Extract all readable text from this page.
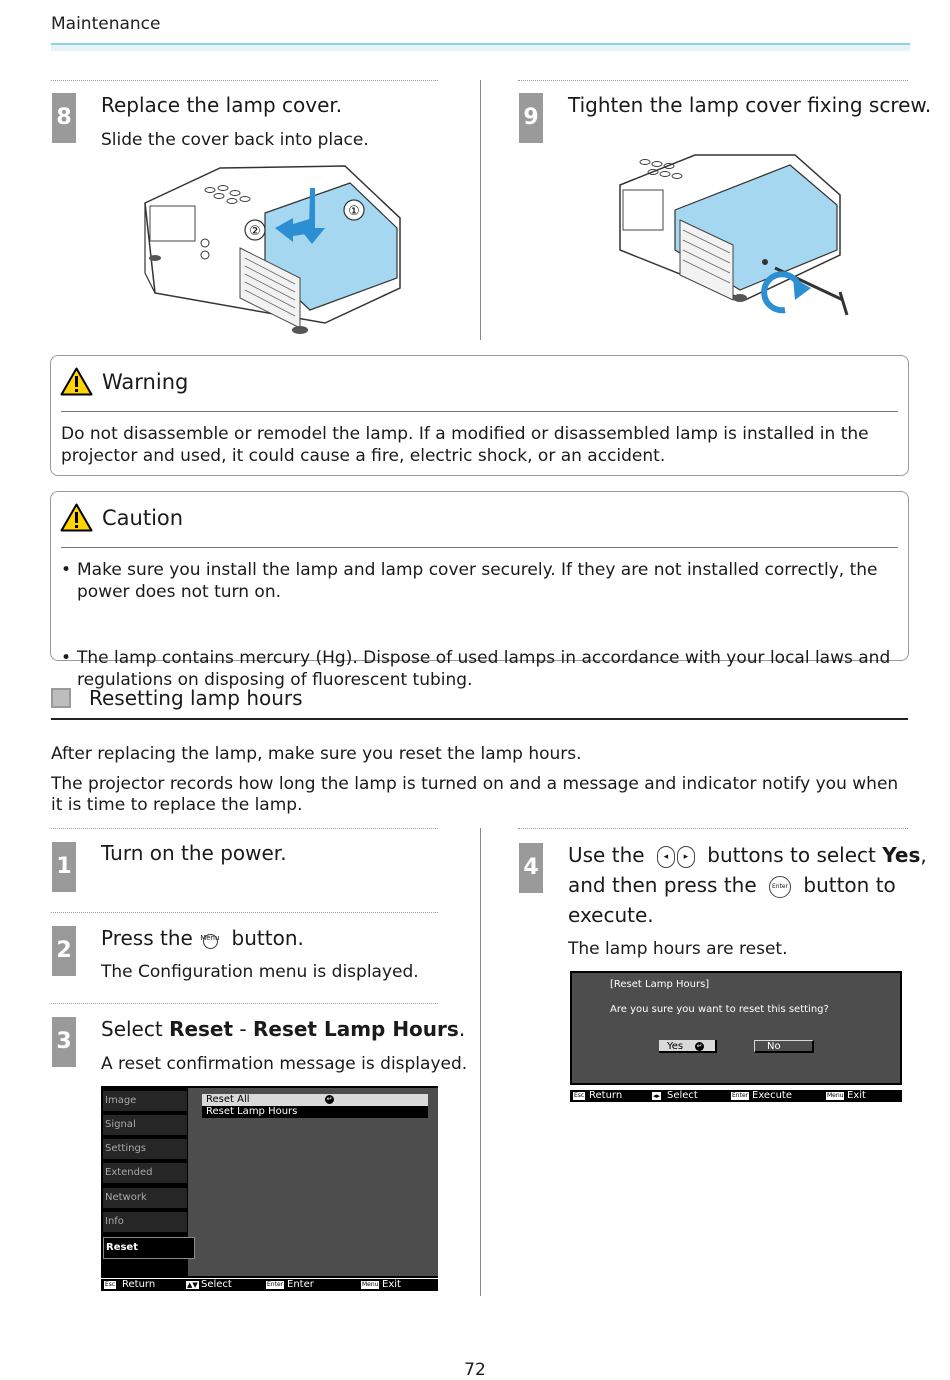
Maintenance
8 Replace the lamp cover.
Slide the cover back into place.
①
②
9 Tighten the lamp cover fixing screw.
Warning
Do not disassemble or remodel the lamp. If a modified or disassembled lamp is installed in the projector and used, it could cause a fire, electric shock, or an accident.
Caution
• Make sure you install the lamp and lamp cover securely. If they are not installed correctly, the power does not turn on.
• The lamp contains mercury (Hg). Dispose of used lamps in accordance with your local laws and regulations on disposing of fluorescent tubing.
Resetting lamp hours
After replacing the lamp, make sure you reset the lamp hours.
The projector records how long the lamp is turned on and a message and indicator notify you when it is time to replace the lamp.
1
Turn on the power.
2 Press the Menu button.
The Configuration menu is displayed.
3 Select Reset - Reset Lamp Hours.
A reset confirmation message is displayed.
Image
Signal
Settings
Extended
Network
Info
Reset
Reset All	↵
Reset Lamp Hours
Esc Return	▲▼ Select	Enter Enter	Menu Exit
4 Use the ◂ ▸ buttons to select Yes,
and then press the	Enter button to
execute.
The lamp hours are reset.
[Reset Lamp Hours]
Are you sure you want to reset this setting?
Yes ↵	No
Esc Return	◂▸ Select	Enter Execute	Menu Exit
72
